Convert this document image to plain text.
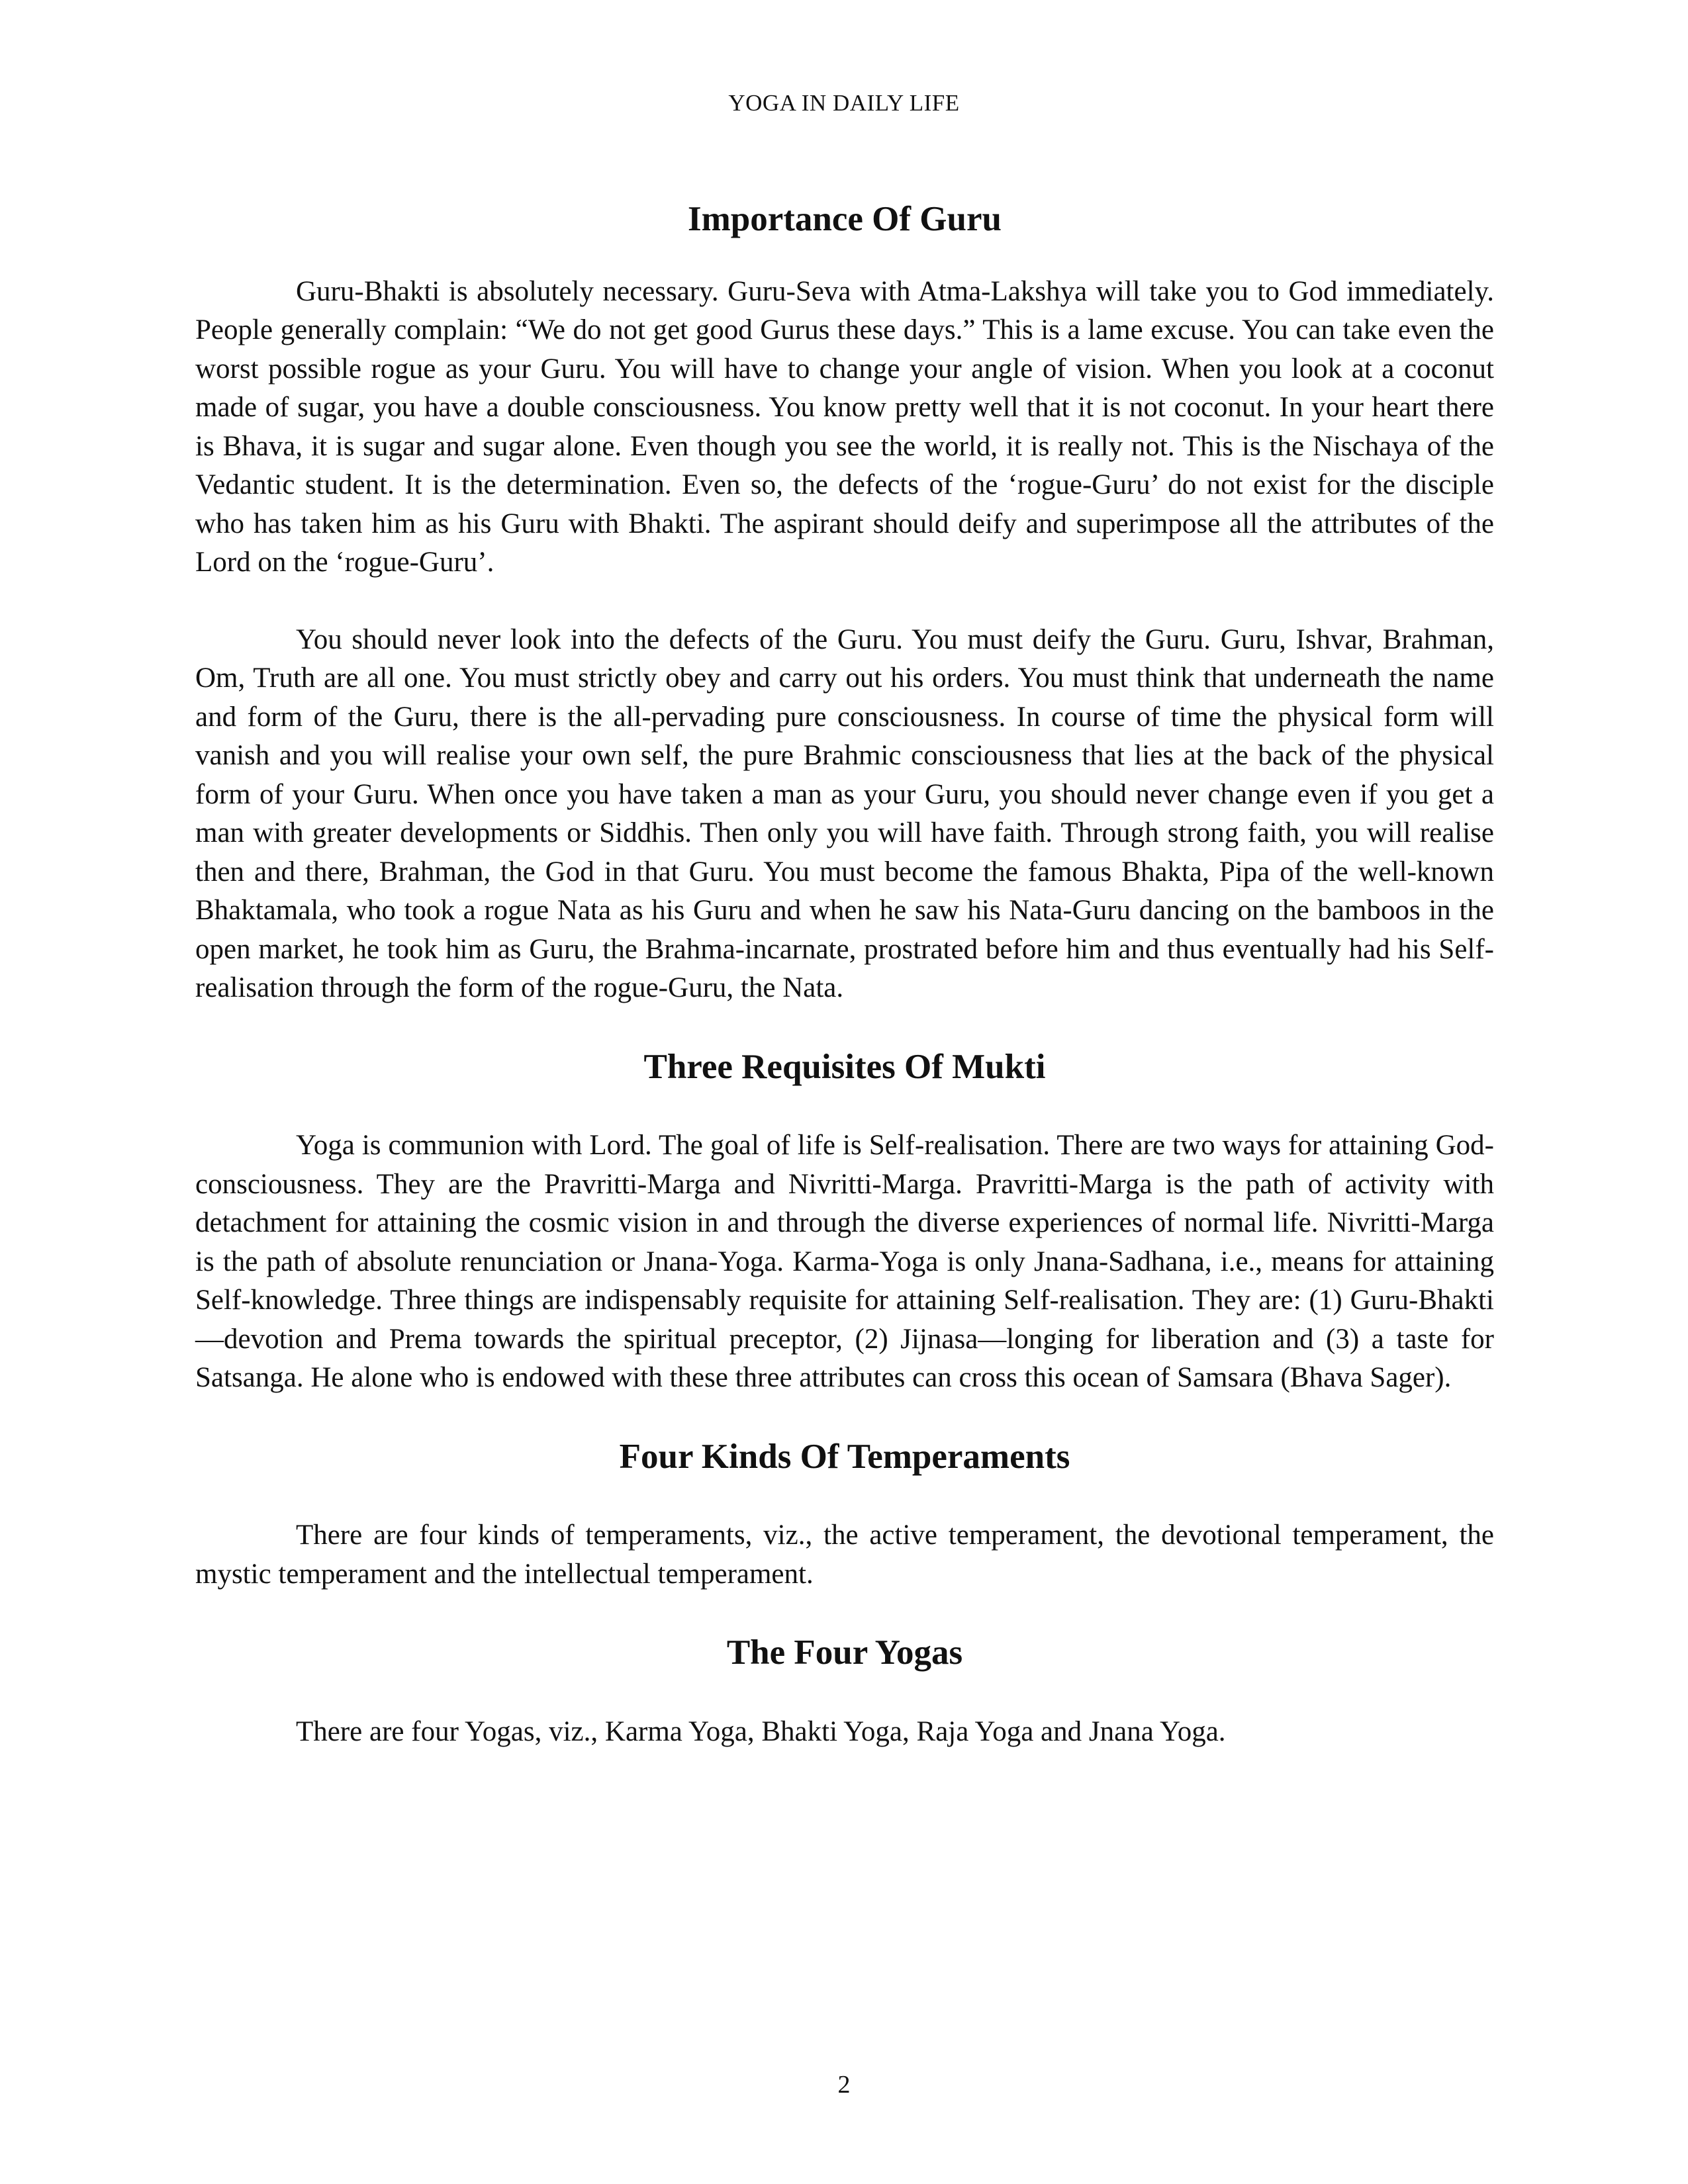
YOGA IN DAILY LIFE
Importance Of Guru

Guru-Bhakti is absolutely necessary. Guru-Seva with Atma-Lakshya will take you to God immediately. People generally complain: “We do not get good Gurus these days.” This is a lame excuse. You can take even the worst possible rogue as your Guru. You will have to change your angle of vision. When you look at a coconut made of sugar, you have a double consciousness. You know pretty well that it is not coconut. In your heart there is Bhava, it is sugar and sugar alone. Even though you see the world, it is really not. This is the Nischaya of the Vedantic student. It is the determination. Even so, the defects of the ‘rogue-Guru’ do not exist for the disciple who has taken him as his Guru with Bhakti. The aspirant should deify and superimpose all the attributes of the Lord on the ‘rogue-Guru’.

You should never look into the defects of the Guru. You must deify the Guru. Guru, Ishvar, Brahman, Om, Truth are all one. You must strictly obey and carry out his orders. You must think that underneath the name and form of the Guru, there is the all-pervading pure consciousness. In course of time the physical form will vanish and you will realise your own self, the pure Brahmic consciousness that lies at the back of the physical form of your Guru. When once you have taken a man as your Guru, you should never change even if you get a man with greater developments or Siddhis. Then only you will have faith. Through strong faith, you will realise then and there, Brahman, the God in that Guru. You must become the famous Bhakta, Pipa of the well-known Bhaktamala, who took a rogue Nata as his Guru and when he saw his Nata-Guru dancing on the bamboos in the open market, he took him as Guru, the Brahma-incarnate, prostrated before him and thus eventually had his Self-realisation through the form of the rogue-Guru, the Nata.

Three Requisites Of Mukti

Yoga is communion with Lord. The goal of life is Self-realisation. There are two ways for attaining God-consciousness. They are the Pravritti-Marga and Nivritti-Marga. Pravritti-Marga is the path of activity with detachment for attaining the cosmic vision in and through the diverse experiences of normal life. Nivritti-Marga is the path of absolute renunciation or Jnana-Yoga. Karma-Yoga is only Jnana-Sadhana, i.e., means for attaining Self-knowledge. Three things are indispensably requisite for attaining Self-realisation. They are: (1) Guru-Bhakti—devotion and Prema towards the spiritual preceptor, (2) Jijnasa—longing for liberation and (3) a taste for Satsanga. He alone who is endowed with these three attributes can cross this ocean of Samsara (Bhava Sager).

Four Kinds Of Temperaments

There are four kinds of temperaments, viz., the active temperament, the devotional temperament, the mystic temperament and the intellectual temperament.

The Four Yogas

There are four Yogas, viz., Karma Yoga, Bhakti Yoga, Raja Yoga and Jnana Yoga.

2
